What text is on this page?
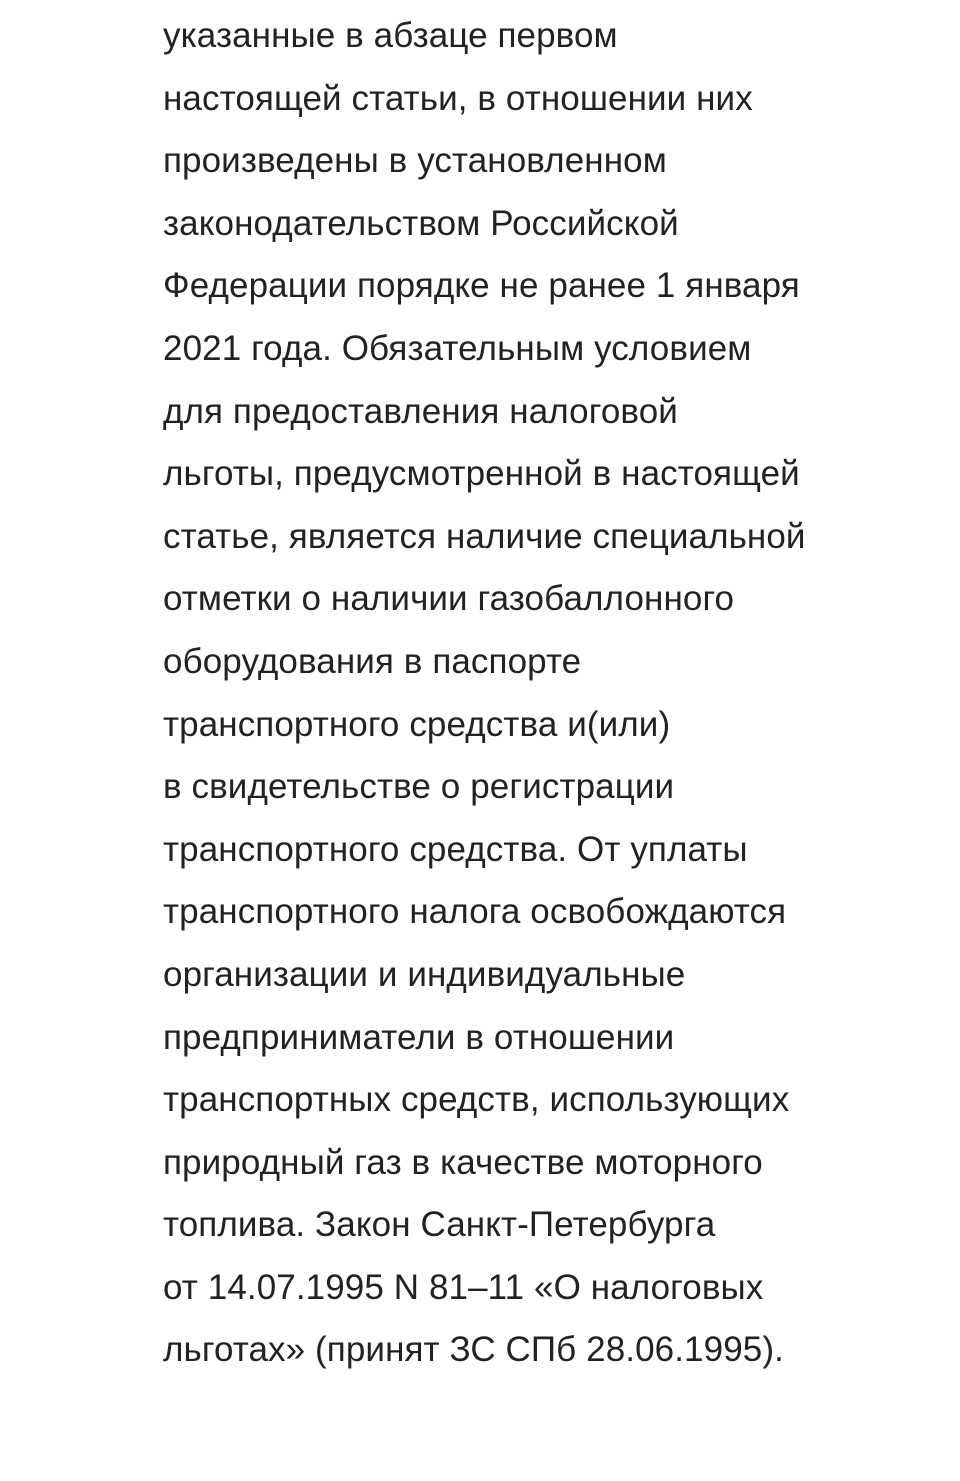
указанные в абзаце первом
настоящей статьи, в отношении них
произведены в установленном
законодательством Российской
Федерации порядке не ранее 1 января
2021 года. Обязательным условием
для предоставления налоговой
льготы, предусмотренной в настоящей
статье, является наличие специальной
отметки о наличии газобаллонного
оборудования в паспорте
транспортного средства и(или)
в свидетельстве о регистрации
транспортного средства. От уплаты
транспортного налога освобождаются
организации и индивидуальные
предприниматели в отношении
транспортных средств, использующих
природный газ в качестве моторного
топлива. Закон Санкт-Петербурга
от 14.07.1995 N 81–11 «О налоговых
льготах» (принят ЗС СПб 28.06.1995).
